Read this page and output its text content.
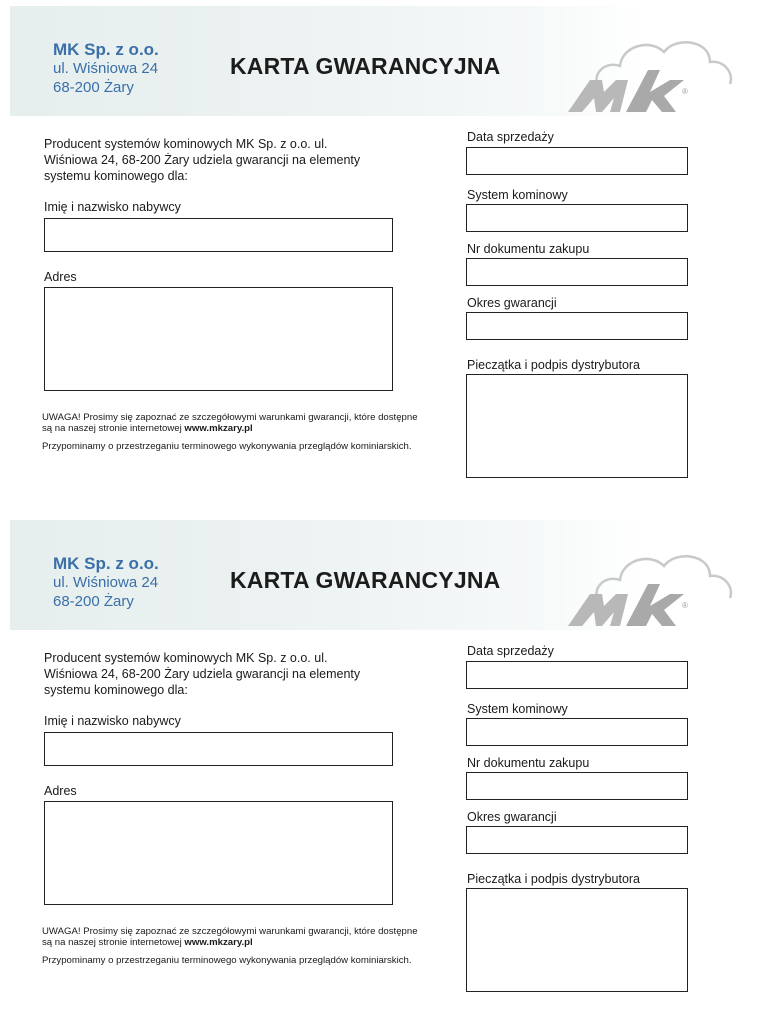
MK Sp. z o.o.
ul. Wiśniowa 24
68-200 Żary
KARTA GWARANCYJNA
®
Producent systemów kominowych MK Sp. z o.o. ul. Wiśniowa 24, 68-200 Żary udziela gwarancji na elementy systemu kominowego dla:
Imię i nazwisko nabywcy
Adres
UWAGA! Prosimy się zapoznać ze szczegółowymi warunkami gwarancji, które dostępne są na naszej stronie internetowej www.mkzary.pl
Przypominamy o przestrzeganiu terminowego wykonywania przeglądów kominiarskich.
Data sprzedaży
System kominowy
Nr dokumentu zakupu
Okres gwarancji
Pieczątka i podpis dystrybutora
MK Sp. z o.o.
ul. Wiśniowa 24
68-200 Żary
KARTA GWARANCYJNA
®
Producent systemów kominowych MK Sp. z o.o. ul. Wiśniowa 24, 68-200 Żary udziela gwarancji na elementy systemu kominowego dla:
Imię i nazwisko nabywcy
Adres
UWAGA! Prosimy się zapoznać ze szczegółowymi warunkami gwarancji, które dostępne są na naszej stronie internetowej www.mkzary.pl
Przypominamy o przestrzeganiu terminowego wykonywania przeglądów kominiarskich.
Data sprzedaży
System kominowy
Nr dokumentu zakupu
Okres gwarancji
Pieczątka i podpis dystrybutora
